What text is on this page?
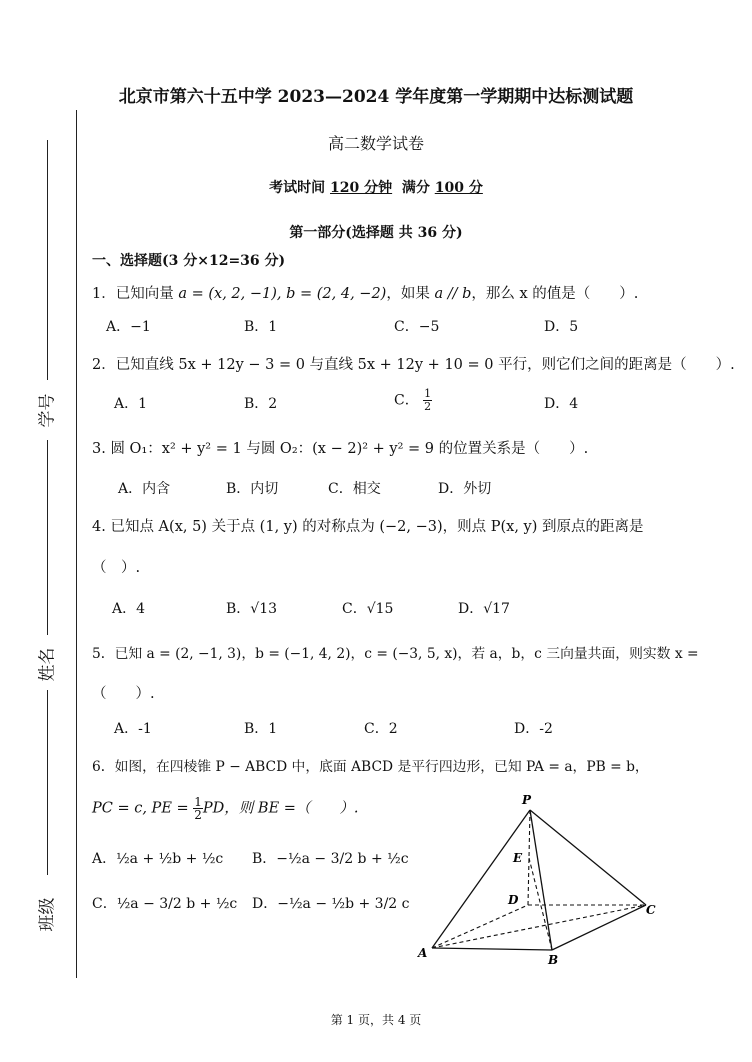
学号
姓名
班级
北京市第六十五中学 2023—2024 学年度第一学期期中达标测试题
高二数学试卷
考试时间 120 分钟 满分 100 分
第一部分(选择题 共 36 分)
一、选择题(3 分×12=36 分)
1．已知向量 a = (x, 2, −1), b = (2, 4, −2)，如果 a // b，那么 x 的值是（　　）.
A．−1	B．1	C．−5	D．5
2．已知直线 5x + 12y − 3 = 0 与直线 5x + 12y + 10 = 0 平行，则它们之间的距离是（　　）.
A．1	B．2	C． $\frac{1}{2}$	D．4
3. 圆 O₁：x² + y² = 1 与圆 O₂：(x − 2)² + y² = 9 的位置关系是（　　）.
A．内含	B．内切	C．相交	D．外切
4. 已知点 A(x, 5) 关于点 (1, y) 的对称点为 (−2, −3)，则点 P(x, y) 到原点的距离是
（　）.
A．4	B．√13	C．√15	D．√17
5．已知 a = (2, −1, 3)，b = (−1, 4, 2)，c = (−3, 5, x)，若 a，b，c 三向量共面，则实数 x =
（　　）.
A．-1	B．1	C．2	D．-2
6．如图，在四棱锥 P − ABCD 中，底面 ABCD 是平行四边形，已知 PA = a，PB = b，
PC = c, PE = $\frac{1}{2}$ PD，则 BE =（　　）.
A．½a + ½b + ½c B．−½a − 3/2 b + ½c
C．½a − 3/2 b + ½c D．−½a − ½b + 3/2 c
P
E
D
C
A	B
第 1 页，共 4 页
